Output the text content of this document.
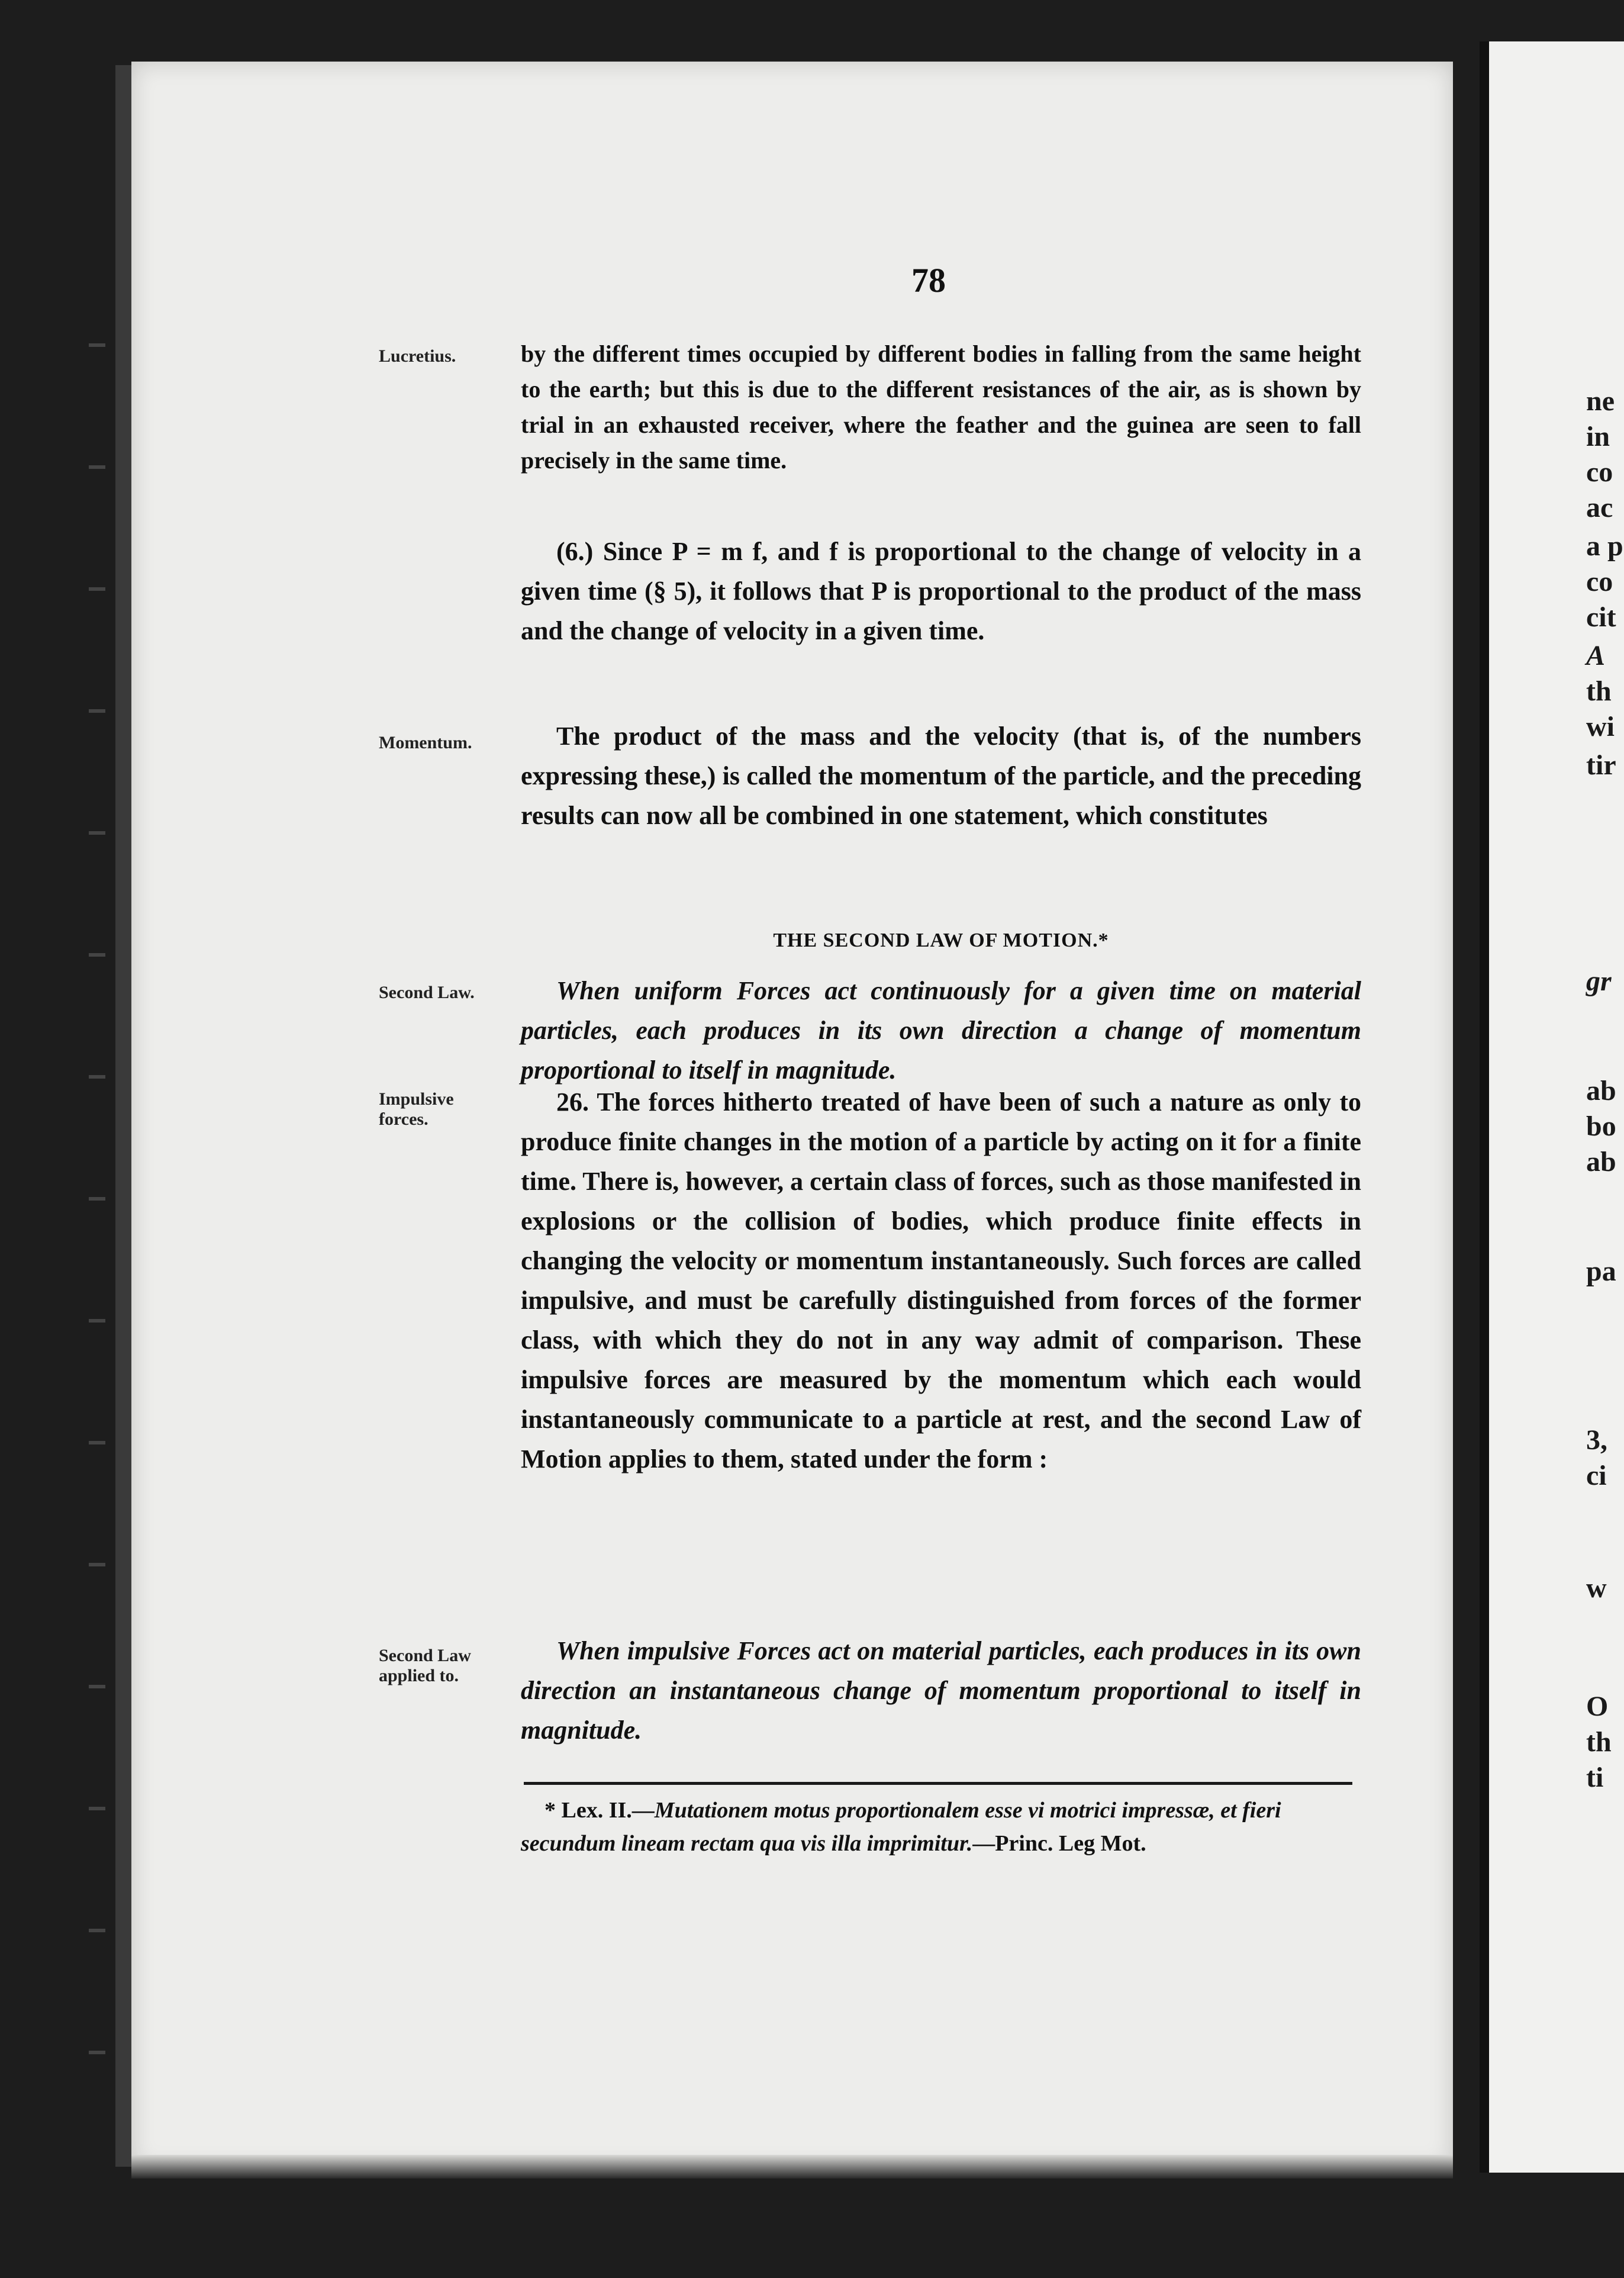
ne
in
co
ac
a p
co
cit
A
th
wi
tir
gr
ab
bo
ab
pa
3,
ci
w
O
th
ti
78
Lucretius.	by the different times occupied by different bodies in falling from the same height to the earth; but this is due to the different resistances of the air, as is shown by trial in an exhausted receiver, where the feather and the guinea are seen to fall precisely in the same time.
(6.) Since P = m f, and f is proportional to the change of velocity in a given time (§ 5), it follows that P is proportional to the product of the mass and the change of velocity in a given time.
Momentum.	The product of the mass and the velocity (that is, of the numbers expressing these,) is called the momentum of the particle, and the preceding results can now all be combined in one statement, which constitutes
THE SECOND LAW OF MOTION.*
Second Law.	When uniform Forces act continuously for a given time on material particles, each produces in its own direction a change of momentum proportional to itself in magnitude.
Impulsive forces.
26. The forces hitherto treated of have been of such a nature as only to produce finite changes in the motion of a particle by acting on it for a finite time. There is, however, a certain class of forces, such as those manifested in explosions or the collision of bodies, which produce finite effects in changing the velocity or momentum instantaneously. Such forces are called impulsive, and must be carefully distinguished from forces of the former class, with which they do not in any way admit of comparison. These impulsive forces are measured by the momentum which each would instantaneously communicate to a particle at rest, and the second Law of Motion applies to them, stated under the form :
Second Law applied to.
When impulsive Forces act on material particles, each produces in its own direction an instantaneous change of momentum proportional to itself in magnitude.
* Lex. II.—Mutationem motus proportionalem esse vi motrici impressæ, et fieri secundum lineam rectam qua vis illa imprimitur.—Princ. Leg Mot.
